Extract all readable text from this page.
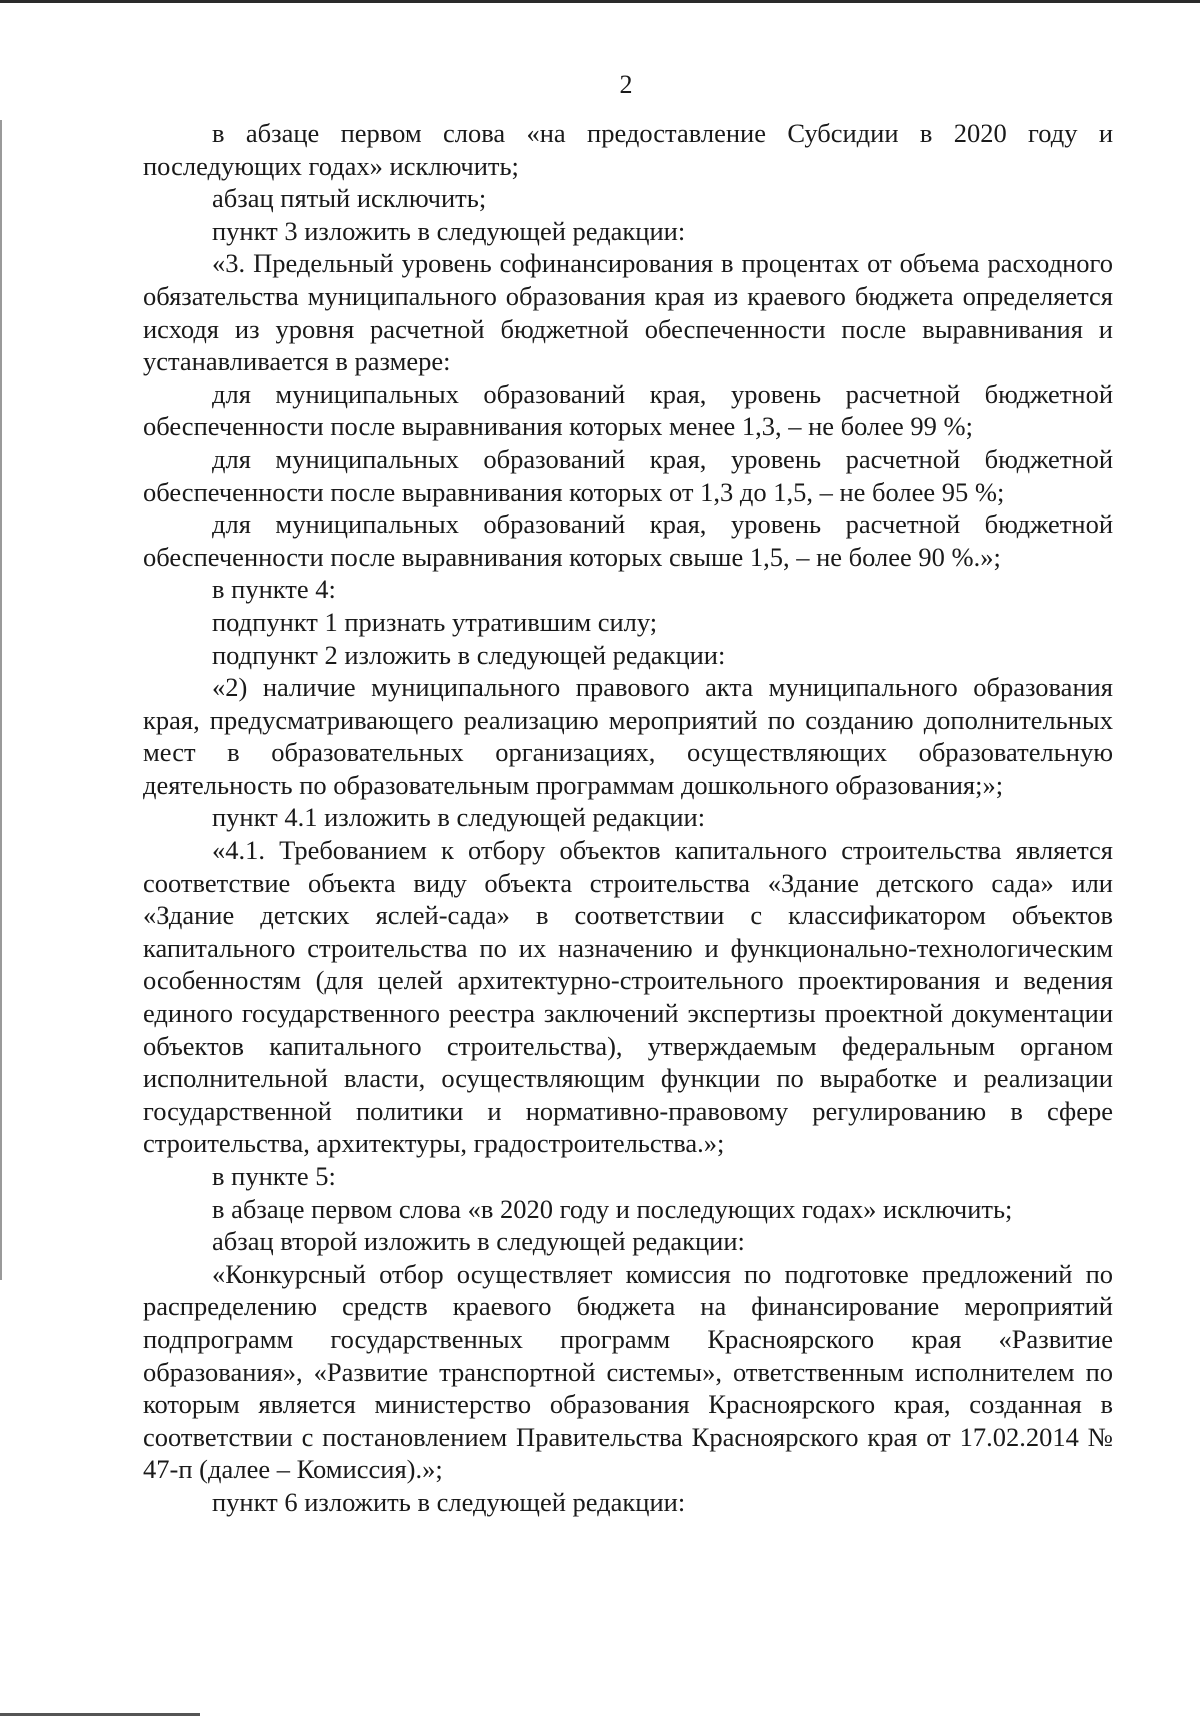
2

в абзаце первом слова «на предоставление Субсидии в 2020 году и последующих годах» исключить;

абзац пятый исключить;

пункт 3 изложить в следующей редакции:

«3. Предельный уровень софинансирования в процентах от объема расходного обязательства муниципального образования края из краевого бюджета определяется исходя из уровня расчетной бюджетной обеспеченности после выравнивания и устанавливается в размере:

для муниципальных образований края, уровень расчетной бюджетной обеспеченности после выравнивания которых менее 1,3, – не более 99 %;

для муниципальных образований края, уровень расчетной бюджетной обеспеченности после выравнивания которых от 1,3 до 1,5, – не более 95 %;

для муниципальных образований края, уровень расчетной бюджетной обеспеченности после выравнивания которых свыше 1,5, – не более 90 %.»;

в пункте 4:

подпункт 1 признать утратившим силу;

подпункт 2 изложить в следующей редакции:

«2) наличие муниципального правового акта муниципального образования края, предусматривающего реализацию мероприятий по созданию дополнительных мест в образовательных организациях, осуществляющих образовательную деятельность по образовательным программам дошкольного образования;»;

пункт 4.1 изложить в следующей редакции:

«4.1. Требованием к отбору объектов капитального строительства является соответствие объекта виду объекта строительства «Здание детского сада» или «Здание детских яслей-сада» в соответствии с классификатором объектов капитального строительства по их назначению и функционально-технологическим особенностям (для целей архитектурно-строительного проектирования и ведения единого государственного реестра заключений экспертизы проектной документации объектов капитального строительства), утверждаемым федеральным органом исполнительной власти, осуществляющим функции по выработке и реализации государственной политики и нормативно-правовому регулированию в сфере строительства, архитектуры, градостроительства.»;

в пункте 5:

в абзаце первом слова «в 2020 году и последующих годах» исключить;

абзац второй изложить в следующей редакции:

«Конкурсный отбор осуществляет комиссия по подготовке предложений по распределению средств краевого бюджета на финансирование мероприятий подпрограмм государственных программ Красноярского края «Развитие образования», «Развитие транспортной системы», ответственным исполнителем по которым является министерство образования Красноярского края, созданная в соответствии с постановлением Правительства Красноярского края от 17.02.2014 № 47-п (далее – Комиссия).»;

пункт 6 изложить в следующей редакции:
